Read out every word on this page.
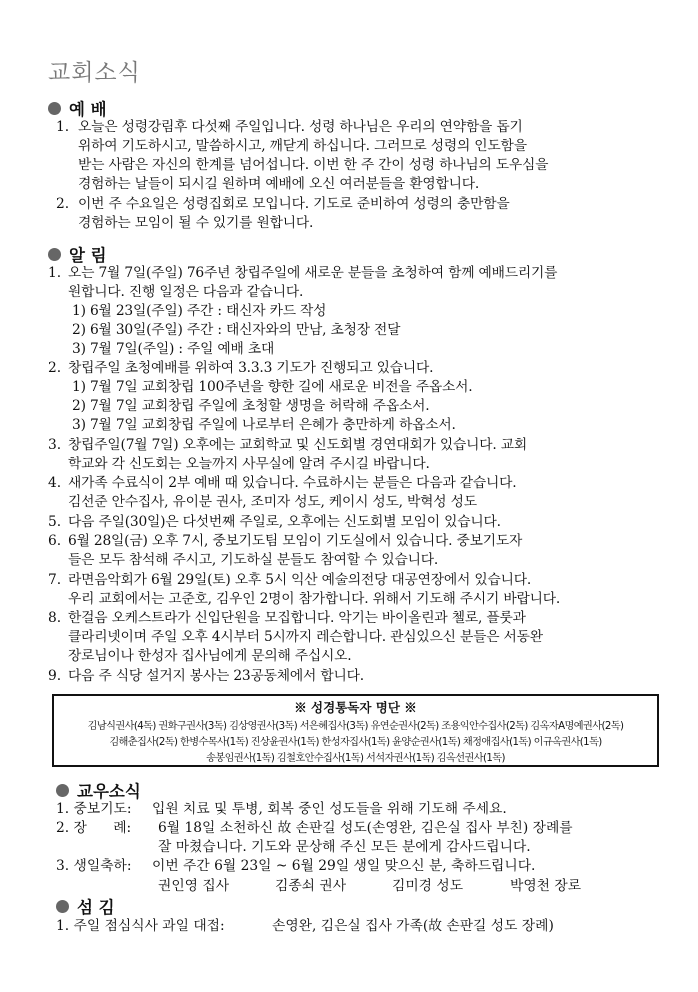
교회소식
예 배
1. 오늘은 성령강림후 다섯째 주일입니다. 성령 하나님은 우리의 연약함을 돕기
위하여 기도하시고, 말씀하시고, 깨닫게 하십니다. 그러므로 성령의 인도함을
받는 사람은 자신의 한계를 넘어섭니다. 이번 한 주 간이 성령 하나님의 도우심을
경험하는 날들이 되시길 원하며 예배에 오신 여러분들을 환영합니다.
2. 이번 주 수요일은 성령집회로 모입니다. 기도로 준비하여 성령의 충만함을
경험하는 모임이 될 수 있기를 원합니다.
알 림
1. 오는 7월 7일(주일) 76주년 창립주일에 새로운 분들을 초청하여 함께 예배드리기를
원합니다. 진행 일정은 다음과 같습니다.
1) 6월 23일(주일) 주간 : 태신자 카드 작성
2) 6월 30일(주일) 주간 : 태신자와의 만남, 초청장 전달
3) 7월 7일(주일) : 주일 예배 초대
2. 창립주일 초청예배를 위하여 3.3.3 기도가 진행되고 있습니다.
1) 7월 7일 교회창립 100주년을 향한 길에 새로운 비전을 주옵소서.
2) 7월 7일 교회창립 주일에 초청할 생명을 허락해 주옵소서.
3) 7월 7일 교회창립 주일에 나로부터 은혜가 충만하게 하옵소서.
3. 창립주일(7월 7일) 오후에는 교회학교 및 신도회별 경연대회가 있습니다. 교회
학교와 각 신도회는 오늘까지 사무실에 알려 주시길 바랍니다.
4. 새가족 수료식이 2부 예배 때 있습니다. 수료하시는 분들은 다음과 같습니다.
김선준 안수집사, 유이분 권사, 조미자 성도, 케이시 성도, 박혁성 성도
5. 다음 주일(30일)은 다섯번째 주일로, 오후에는 신도회별 모임이 있습니다.
6. 6월 28일(금) 오후 7시, 중보기도팀 모임이 기도실에서 있습니다. 중보기도자
들은 모두 참석해 주시고, 기도하실 분들도 참여할 수 있습니다.
7. 라면음악회가 6월 29일(토) 오후 5시 익산 예술의전당 대공연장에서 있습니다.
우리 교회에서는 고준호, 김우인 2명이 참가합니다. 위해서 기도해 주시기 바랍니다.
8. 한걸음 오케스트라가 신입단원을 모집합니다. 악기는 바이올린과 첼로, 플룻과
클라리넷이며 주일 오후 4시부터 5시까지 레슨합니다. 관심있으신 분들은 서동완
장로님이나 한성자 집사님에게 문의해 주십시오.
9. 다음 주 식당 설거지 봉사는 23공동체에서 합니다.
※ 성경통독자 명단 ※
김남식권사(4독) 권화구권사(3독) 김상영권사(3독) 서은혜집사(3독) 유연순권사(2독) 조용익안수집사(2독) 김옥자A명예권사(2독)
김해춘집사(2독) 한병수목사(1독) 진상윤권사(1독) 한성자집사(1독) 윤양순권사(1독) 채정애집사(1독) 이규옥권사(1독)
송봉임권사(1독) 김철호안수집사(1독) 서석자권사(1독) 김옥선권사(1독)
교우소식
1. 중보기도: 입원 치료 및 투병, 회복 중인 성도들을 위해 기도해 주세요.
2. 장      례: 6월 18일 소천하신 故 손판길 성도(손영완, 김은실 집사 부친) 장례를
잘 마쳤습니다. 기도와 문상해 주신 모든 분에게 감사드립니다.
3. 생일축하: 이번 주간 6월 23일 ~ 6월 29일 생일 맞으신 분, 축하드립니다.
권인영 집사	김종쇠 권사	김미경 성도	박영천 장로
섬 김
1. 주일 점심식사 과일 대접:	손영완, 김은실 집사 가족(故 손판길 성도 장례)
